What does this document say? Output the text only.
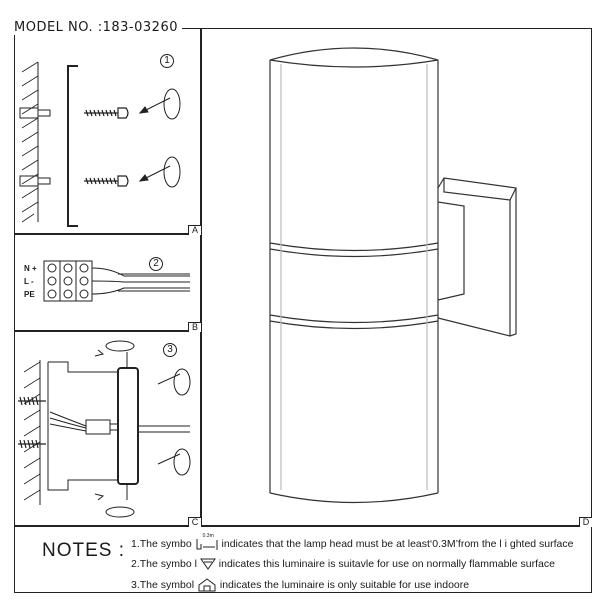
MODEL NO. :183-03260
A
B
C	D
1
2
3
N +
L -
PE
NOTES : 1.The symbo
0.3m
indicates that the lamp head must be at least‘0.3M’from the l i ghted surface
2.The symbo l indicates this luminaire is suitavle for use on normally flammable surface
3.The symbol indicates the luminaire is only suitable for use indoore
